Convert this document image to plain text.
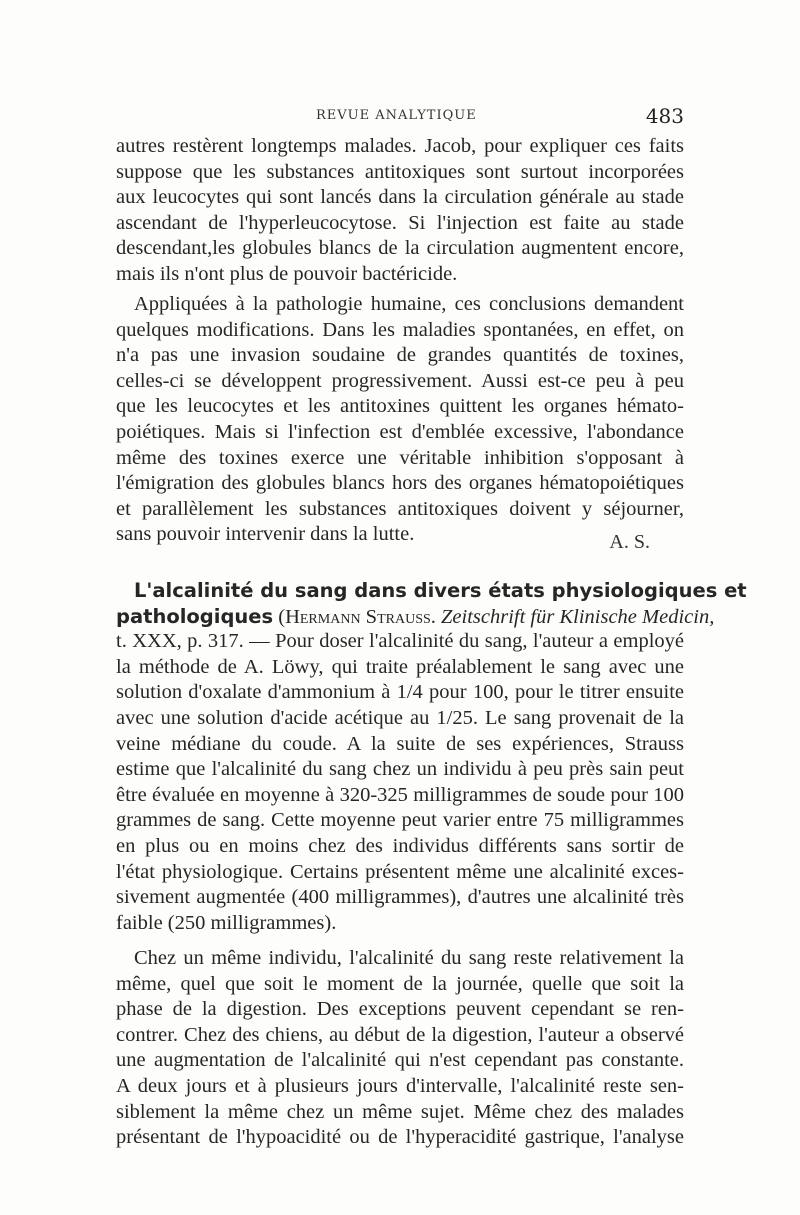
REVUE ANALYTIQUE	483
autres restèrent longtemps malades. Jacob, pour expliquer ces faits
suppose que les substances antitoxiques sont surtout incorporées
aux leucocytes qui sont lancés dans la circulation générale au stade
ascendant de l'hyperleucocytose. Si l'injection est faite au stade
descendant,les globules blancs de la circulation augmentent encore,
mais ils n'ont plus de pouvoir bactéricide.
Appliquées à la pathologie humaine, ces conclusions demandent
quelques modifications. Dans les maladies spontanées, en effet, on
n'a pas une invasion soudaine de grandes quantités de toxines,
celles-ci se développent progressivement. Aussi est-ce peu à peu
que les leucocytes et les antitoxines quittent les organes hémato-
poiétiques. Mais si l'infection est d'emblée excessive, l'abondance
même des toxines exerce une véritable inhibition s'opposant à
l'émigration des globules blancs hors des organes hématopoiétiques
et parallèlement les substances antitoxiques doivent y séjourner,
sans pouvoir intervenir dans la lutte.	A. S.
L'alcalinité du sang dans divers états physiologiques et
pathologiques (Hermann Strauss. Zeitschrift für Klinische Medicin,
t. XXX, p. 317. — Pour doser l'alcalinité du sang, l'auteur a employé
la méthode de A. Löwy, qui traite préalablement le sang avec une
solution d'oxalate d'ammonium à 1/4 pour 100, pour le titrer ensuite
avec une solution d'acide acétique au 1/25. Le sang provenait de la
veine médiane du coude. A la suite de ses expériences, Strauss
estime que l'alcalinité du sang chez un individu à peu près sain peut
être évaluée en moyenne à 320-325 milligrammes de soude pour 100
grammes de sang. Cette moyenne peut varier entre 75 milligrammes
en plus ou en moins chez des individus différents sans sortir de
l'état physiologique. Certains présentent même une alcalinité exces-
sivement augmentée (400 milligrammes), d'autres une alcalinité très
faible (250 milligrammes).
Chez un même individu, l'alcalinité du sang reste relativement la
même, quel que soit le moment de la journée, quelle que soit la
phase de la digestion. Des exceptions peuvent cependant se ren-
contrer. Chez des chiens, au début de la digestion, l'auteur a observé
une augmentation de l'alcalinité qui n'est cependant pas constante.
A deux jours et à plusieurs jours d'intervalle, l'alcalinité reste sen-
siblement la même chez un même sujet. Même chez des malades
présentant de l'hypoacidité ou de l'hyperacidité gastrique, l'analyse
